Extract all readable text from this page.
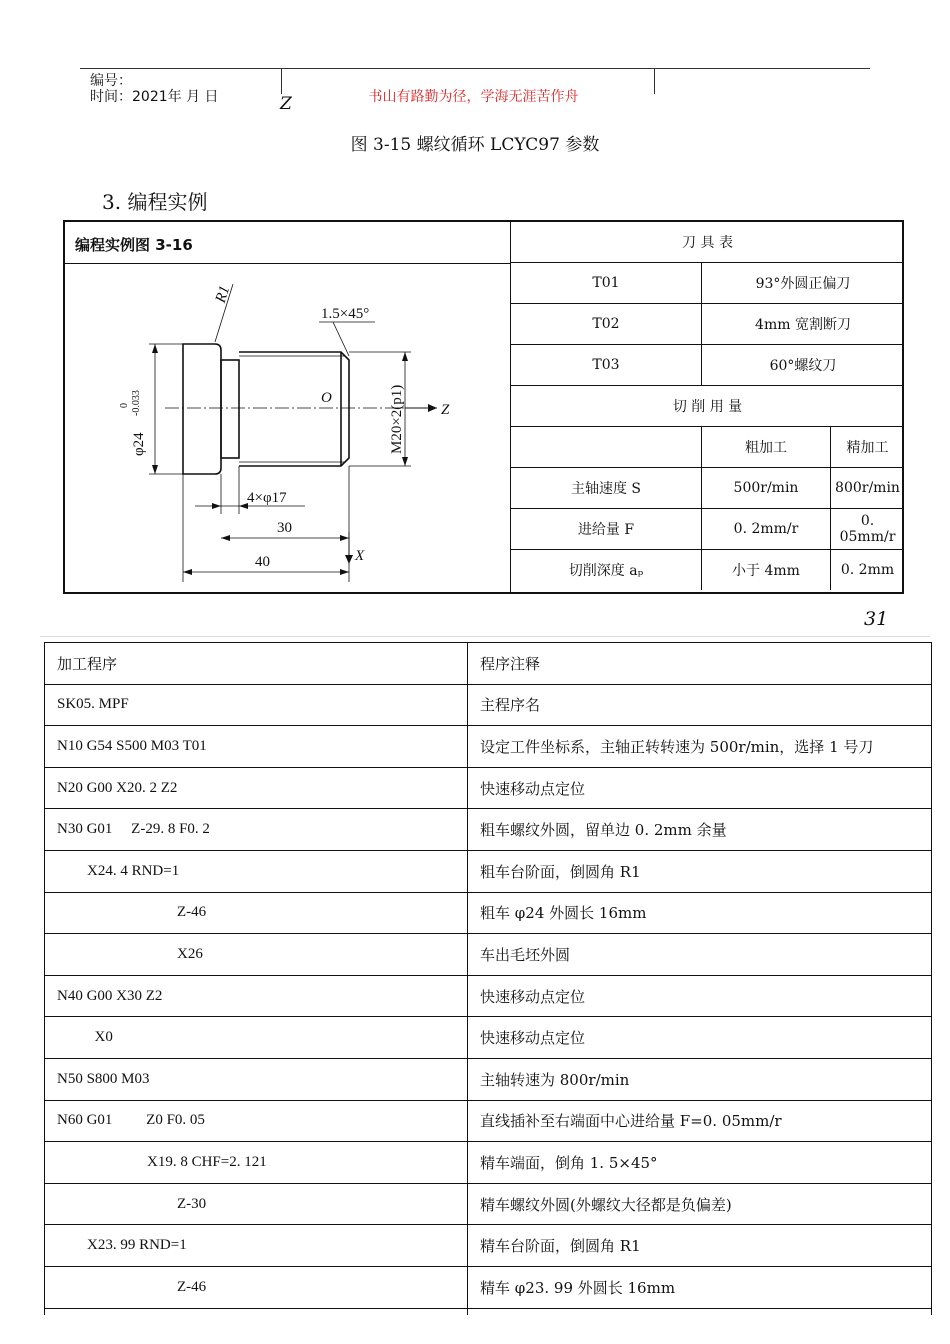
编号：
时间：2021年 月 日	书山有路勤为径，学海无涯苦作舟
Z
图 3-15 螺纹循环 LCYC97 参数
3. 编程实例
编程实例图 3-16
R1
1.5×45°
φ24
0 -0.033	O	M20×2(p1) Z
X
4×φ17
30
40
刀 具 表		
T01	93°外圆正偏刀	
T02	4mm 宽割断刀	
T03	60°螺纹刀	
切 削 用 量		
	粗加工	精加工
主轴速度 S	500r/min	800r/min
进给量 F	0. 2mm/r	0. 05mm/r
切削深度 aₚ	小于 4mm	0. 2mm
31
加工程序	程序注释
SK05. MPF	主程序名
N10 G54 S500 M03 T01	设定工件坐标系，主轴正转转速为 500r/min，选择 1 号刀
N20 G00 X20. 2 Z2	快速移动点定位
N30 G01     Z-29. 8 F0. 2	粗车螺纹外圆，留单边 0. 2mm 余量
X24. 4 RND=1	粗车台阶面，倒圆角 R1
Z-46	粗车 φ24 外圆长 16mm
X26	车出毛坯外圆
N40 G00 X30 Z2	快速移动点定位
X0	快速移动点定位
N50 S800 M03	主轴转速为 800r/min
N60 G01         Z0 F0. 05	直线插补至右端面中心进给量 F=0. 05mm/r
X19. 8 CHF=2. 121	精车端面，倒角 1. 5×45°
Z-30	精车螺纹外圆(外螺纹大径都是负偏差)
X23. 99 RND=1	精车台阶面，倒圆角 R1
Z-46	精车 φ23. 99 外圆长 16mm
